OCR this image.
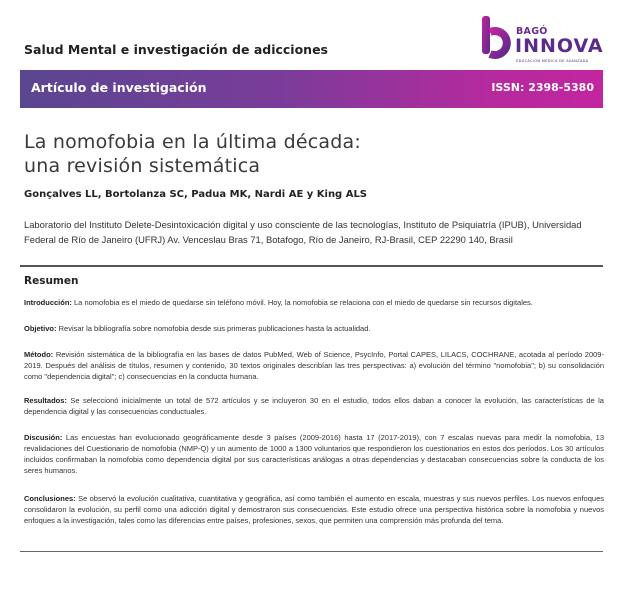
Salud Mental e investigación de adicciones
BAGÓ
INNOVA
EDUCACIÓN MÉDICA DE AVANZADA
Artículo de investigación	ISSN: 2398-5380
La nomofobia en la última década:
una revisión sistemática
Gonçalves LL, Bortolanza SC, Padua MK, Nardi AE y King ALS
Laboratorio del Instituto Delete-Desintoxicación digital y uso consciente de las tecnologías, Instituto de Psiquiatría (IPUB), Universidad Federal de Río de Janeiro (UFRJ) Av. Venceslau Bras 71, Botafogo, Río de Janeiro, RJ-Brasil, CEP 22290 140, Brasil
Resumen

Introducción: La nomofobia es el miedo de quedarse sin teléfono móvil. Hoy, la nomofobia se relaciona con el miedo de quedarse sin recursos digitales.

Objetivo: Revisar la bibliografía sobre nomofobia desde sus primeras publicaciones hasta la actualidad.

Método: Revisión sistemática de la bibliografía en las bases de datos PubMed, Web of Science, PsycInfo, Portal CAPES, LILACS, COCHRANE, acotada al período 2009-2019. Después del análisis de títulos, resumen y contenido, 30 textos originales describían las tres perspectivas: a) evolución del término "nomofobia"; b) su consolidación como "dependencia digital"; c) consecuencias en la conducta humana.

Resultados: Se seleccionó inicialmente un total de 572 artículos y se incluyeron 30 en el estudio, todos ellos daban a conocer la evolución, las características de la dependencia digital y las consecuencias conductuales.

Discusión: Las encuestas han evolucionado geográficamente desde 3 países (2009-2016) hasta 17 (2017-2019), con 7 escalas nuevas para medir la nomofobia, 13 revalidaciones del Cuestionario de nomofobia (NMP-Q) y un aumento de 1000 a 1300 voluntarios que respondieron los cuestionarios en estos dos períodos. Los 30 artículos incluidos confirmaban la nomofobia como dependencia digital por sus características análogas a otras dependencias y destacaban consecuencias sobre la conducta de los seres humanos.

Conclusiones: Se observó la evolución cualitativa, cuantitativa y geográfica, así como también el aumento en escala, muestras y sus nuevos perfiles. Los nuevos enfoques consolidaron la evolución, su perfil como una adicción digital y demostraron sus consecuencias. Este estudio ofrece una perspectiva histórica sobre la nomofobia y nuevos enfoques a la investigación, tales como las diferencias entre países, profesiones, sexos, que permiten una comprensión más profunda del tema.
